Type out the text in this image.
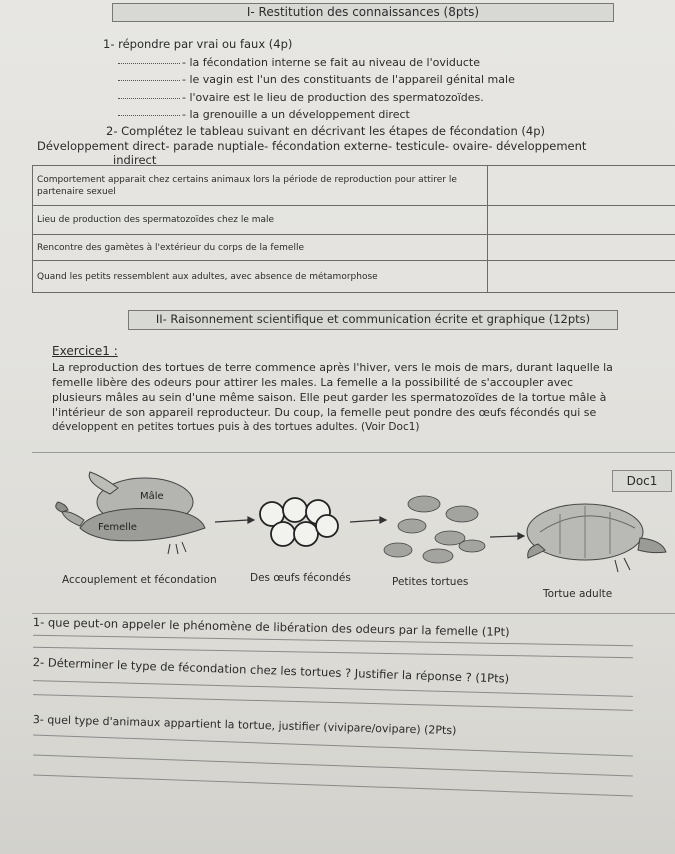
I- Restitution des connaissances (8pts)
1- répondre par vrai ou faux (4p)
- la fécondation interne se fait au niveau de l'oviducte
- le vagin est l'un des constituants de l'appareil génital male
- l'ovaire est le lieu de production des spermatozoïdes.
- la grenouille a un développement direct
2- Complétez le tableau suivant en décrivant les étapes de fécondation (4p)
Développement direct- parade nuptiale- fécondation externe- testicule- ovaire- développement
indirect
Comportement apparait chez certains animaux lors la période de reproduction pour attirer le partenaire sexuel	
Lieu de production des spermatozoïdes chez le male	
Rencontre des gamètes à l'extérieur du corps de la femelle	
Quand les petits ressemblent aux adultes, avec absence de métamorphose	
II- Raisonnement scientifique et communication écrite et graphique (12pts)
Exercice1 :
La reproduction des tortues de terre commence après l'hiver, vers le mois de mars, durant laquelle la
femelle libère des odeurs pour attirer les males. La femelle a la possibilité de s'accoupler avec
plusieurs mâles au sein d'une même saison. Elle peut garder les spermatozoïdes de la tortue mâle à
l'intérieur de son appareil reproducteur. Du coup, la femelle peut pondre des œufs fécondés qui se
développent en petites tortues puis à des tortues adultes. (Voir Doc1)
Doc1
Mâle
Femelle
Accouplement et fécondation	Des œufs fécondés	Petites tortues
Tortue adulte
1- que peut-on appeler le phénomène de libération des odeurs par la femelle (1Pt)
2- Déterminer le type de fécondation chez les tortues ? Justifier la réponse ? (1Pts)
3- quel type d'animaux appartient la tortue, justifier (vivipare/ovipare) (2Pts)
